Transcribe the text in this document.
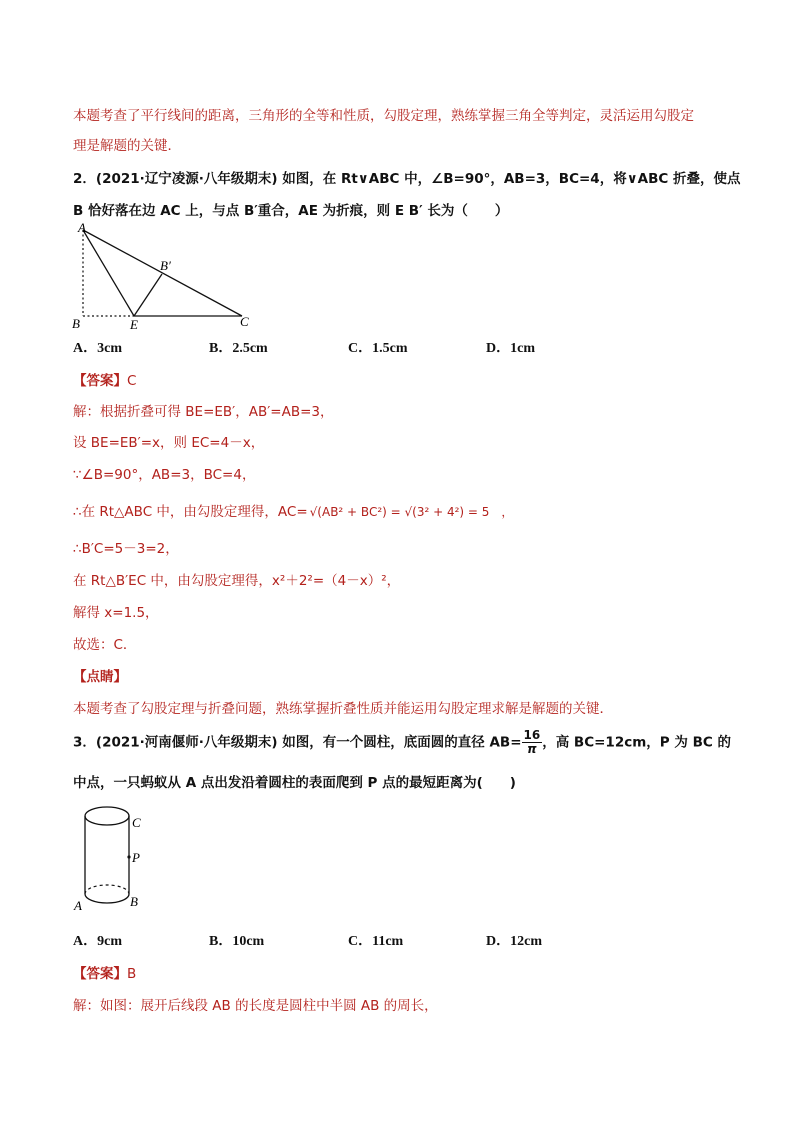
本题考查了平行线间的距离，三角形的全等和性质，勾股定理，熟练掌握三角全等判定，灵活运用勾股定
理是解题的关键．
2．(2021·辽宁凌源·八年级期末) 如图，在 Rt∨ABC 中，∠B=90°，AB=3，BC=4，将∨ABC 折叠，使点
B 恰好落在边 AC 上，与点 B′重合，AE 为折痕，则 E B′ 长为（　　）
A
B′
B	E	C
A．3cm	B．2.5cm	C．1.5cm	D．1cm
【答案】C
解：根据折叠可得 BE=EB′，AB′=AB=3，
设 BE=EB′=x，则 EC=4－x，
∵∠B=90°，AB=3，BC=4，
∴在 Rt△ABC 中，由勾股定理得，AC= √(AB² + BC²) = √(3² + 4²) = 5　，
∴B′C=5－3=2，
在 Rt△B′EC 中，由勾股定理得，x²＋2²=（4－x）²，
解得 x=1.5，
故选：C．
【点睛】
本题考查了勾股定理与折叠问题，熟练掌握折叠性质并能运用勾股定理求解是解题的关键．
3．(2021·河南偃师·八年级期末) 如图，有一个圆柱，底面圆的直径 $AB= \frac{16}{\pi}$ ，高 BC=12cm，P 为 BC 的
中点，一只蚂蚁从 A 点出发沿着圆柱的表面爬到 P 点的最短距离为(　　)
C
P
A	B
A．9cm	B．10cm	C．11cm	D．12cm
【答案】B
解：如图：展开后线段 AB 的长度是圆柱中半圆 AB 的周长，
